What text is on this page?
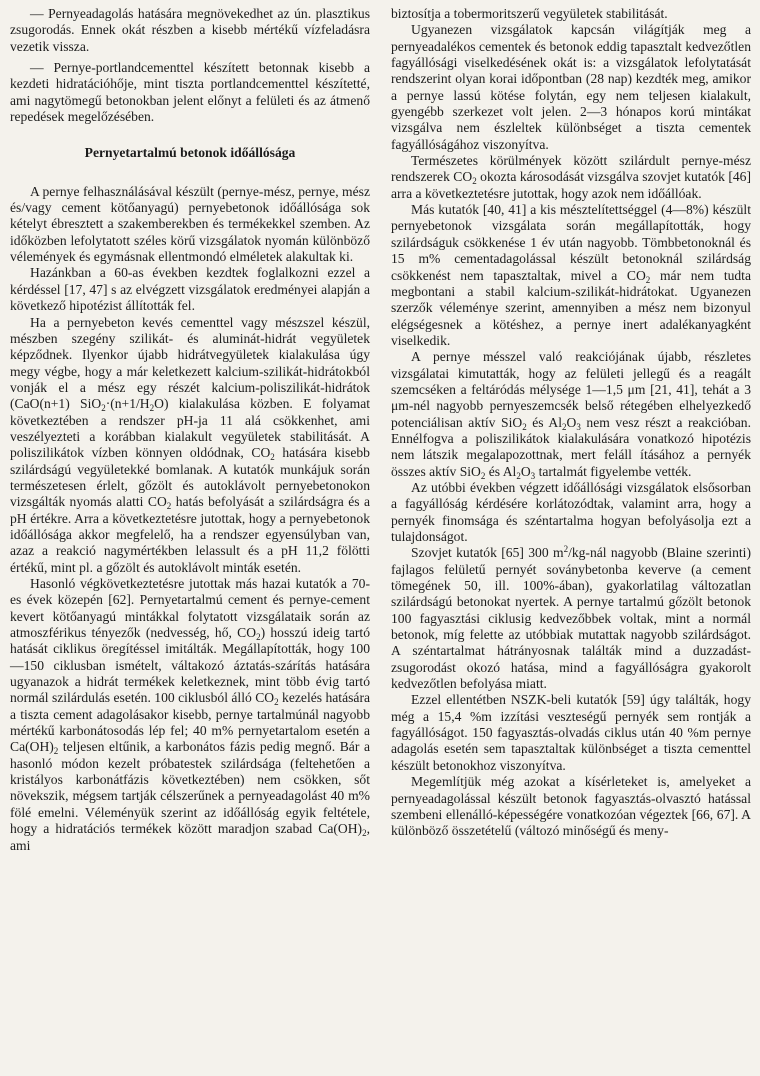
— Pernyeadagolás hatására megnövekedhet az ún. plasztikus zsugorodás. Ennek okát részben a kisebb mértékű vízfeladásra vezetik vissza.

— Pernye-portlandcementtel készített betonnak kisebb a kezdeti hidratációhője, mint tiszta portlandcementtel készítetté, ami nagytömegű betonokban jelent előnyt a felületi és az átmenő repedések megelőzésében.

Pernyetartalmú betonok időállósága

A pernye felhasználásával készült (pernye-mész, pernye, mész és/vagy cement kötőanyagú) pernyebetonok időállósága sok kételyt ébresztett a szakemberekben és termékekkel szemben. Az időközben lefolytatott széles körű vizsgálatok nyomán különböző vélemények és egymásnak ellentmondó elméletek alakultak ki.

Hazánkban a 60-as években kezdtek foglalkozni ezzel a kérdéssel [17, 47] s az elvégzett vizsgálatok eredményei alapján a következő hipotézist állították fel.

Ha a pernyebeton kevés cementtel vagy mészszel készül, mészben szegény szilikát- és aluminát-hidrát vegyületek képződnek. Ilyenkor újabb hidrátvegyületek kialakulása úgy megy végbe, hogy a már keletkezett kalcium-szilikát-hidrátokból vonják el a mész egy részét kalcium-poliszilikát-hidrátok (CaO(n+1) $SiO_2\cdot(n+1/H_2O)$ kialakulása közben. E folyamat következtében a rendszer pH-ja 11 alá csökkenhet, ami veszélyezteti a korábban kialakult vegyületek stabilitását. A poliszilikátok vízben könnyen oldódnak, $CO_2$ hatására kisebb szilárdságú vegyületekké bomlanak. A kutatók munkájuk során természetesen érlelt, gőzölt és autoklávolt pernyebetonokon vizsgálták nyomás alatti $CO_2$ hatás befolyását a szilárdságra és a pH értékre. Arra a következtetésre jutottak, hogy a pernyebetonok időállósága akkor megfelelő, ha a rendszer egyensúlyban van, azaz a reakció nagymértékben lelassult és a pH 11,2 fölötti értékű, mint pl. a gőzölt és autoklávolt minták esetén.

Hasonló végkövetkeztetésre jutottak más hazai kutatók a 70-es évek közepén [62]. Pernyetartalmú cement és pernye-cement kevert kötőanyagú mintákkal folytatott vizsgálataik során az atmoszférikus tényezők (nedvesség, hő, $CO_2$) hosszú ideig tartó hatását ciklikus öregítéssel imitálták. Megállapították, hogy 100—150 ciklusban ismételt, váltakozó áztatás-szárítás hatására ugyanazok a hidrát termékek keletkeznek, mint több évig tartó normál szilárdulás esetén. 100 ciklusból álló $CO_2$ kezelés hatására a tiszta cement adagolásakor kisebb, pernye tartalmúnál nagyobb mértékű karbonátosodás lép fel; 40 m% pernyetartalom esetén a $Ca(OH)_2$ teljesen eltűnik, a karbonátos fázis pedig megnő. Bár a hasonló módon kezelt próbatestek szilárdsága (feltehetően a kristályos karbonátfázis következtében) nem csökken, sőt növekszik, mégsem tartják célszerűnek a pernyeadagolást 40 m% fölé emelni. Véleményük szerint az időállóság egyik feltétele, hogy a hidratációs termékek között maradjon szabad $Ca(OH)_2$, ami

biztosítja a tobermoritszerű vegyületek stabilitását.

Ugyanezen vizsgálatok kapcsán világítják meg a pernyeadalékos cementek és betonok eddig tapasztalt kedvezőtlen fagyállósági viselkedésének okát is: a vizsgálatok lefolytatását rendszerint olyan korai időpontban (28 nap) kezdték meg, amikor a pernye lassú kötése folytán, egy nem teljesen kialakult, gyengébb szerkezet volt jelen. 2—3 hónapos korú mintákat vizsgálva nem észleltek különbséget a tiszta cementek fagyállóságához viszonyítva.

Természetes körülmények között szilárdult pernye-mész rendszerek $CO_2$ okozta károsodását vizsgálva szovjet kutatók [46] arra a következtetésre jutottak, hogy azok nem időállóak.

Más kutatók [40, 41] a kis mésztelítettséggel (4—8%) készült pernyebetonok vizsgálata során megállapították, hogy szilárdságuk csökkenése 1 év után nagyobb. Tömbbetonoknál és 15 m% cementadagolással készült betonoknál szilárdság csökkenést nem tapasztaltak, mivel a $CO_2$ már nem tudta megbontani a stabil kalcium-szilikát-hidrátokat. Ugyanezen szerzők véleménye szerint, amennyiben a mész nem bizonyul elégségesnek a kötéshez, a pernye inert adalékanyagként viselkedik.

A pernye mésszel való reakciójának újabb, részletes vizsgálatai kimutatták, hogy az felületi jellegű és a reagált szemcséken a feltáródás mélysége 1—1,5 μm [21, 41], tehát a 3 μm-nél nagyobb pernyeszemcsék belső rétegében elhelyezkedő potenciálisan aktív SiO$_2$ és $Al_2O_3$ nem vesz részt a reakcióban. Ennélfogva a poliszilikátok kialakulására vonatkozó hipotézis nem látszik megalapozottnak, mert feláll ításához a pernyék összes aktív SiO$_2$ és $Al_2O_3$ tartalmát figyelembe vették.

Az utóbbi években végzett időállósági vizsgálatok elsősorban a fagyállóság kérdésére korlátozódtak, valamint arra, hogy a pernyék finomsága és széntartalma hogyan befolyásolja ezt a tulajdonságot.

Szovjet kutatók [65] 300 $m^2/kg$-nál nagyobb (Blaine szerinti) fajlagos felületű pernyét soványbetonba keverve (a cement tömegének 50, ill. 100%-ában), gyakorlatilag változatlan szilárdságú betonokat nyertek. A pernye tartalmú gőzölt betonok 100 fagyasztási ciklusig kedvezőbbek voltak, mint a normál betonok, míg felette az utóbbiak mutattak nagyobb szilárdságot. A széntartalmat hátrányosnak találták mind a duzzadást-zsugorodást okozó hatása, mind a fagyállóságra gyakorolt kedvezőtlen befolyása miatt.

Ezzel ellentétben NSZK-beli kutatók [59] úgy találták, hogy még a 15,4 %m izzítási veszteségű pernyék sem rontják a fagyállóságot. 150 fagyasztás-olvadás ciklus után 40 %m pernye adagolás esetén sem tapasztaltak különbséget a tiszta cementtel készült betonokhoz viszonyítva.

Megemlítjük még azokat a kísérleteket is, amelyeket a pernyeadagolással készült betonok fagyasztás-olvasztó hatással szembeni ellenálló-képességére vonatkozóan végeztek [66, 67]. A különböző összetételű (változó minőségű és meny-
